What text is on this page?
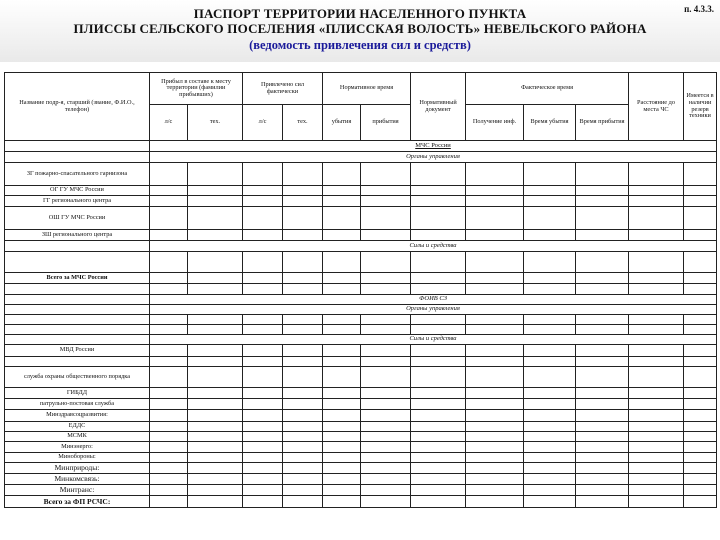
ПАСПОРТ ТЕРРИТОРИИ НАСЕЛЕННОГО ПУНКТА
ПЛИССЫ СЕЛЬСКОГО ПОСЕЛЕНИЯ «ПЛИССКАЯ ВОЛОСТЬ» НЕВЕЛЬСКОГО РАЙОНА
(ведомость привлечения сил и средств)
п. 4.3.3.
Название подр-я, старший (звание, Ф.И.О., телефон)	Прибыл в составе к месту территории (фамилии прибывших)		Привлечено сил фактически		Нормативное время		Нормативный документ	Фактическое время			Расстояние до места ЧС	Имеется в наличии резерв техники
	л/с	тех.	л/с	тех.	убытия	прибытия		Получение инф.	Время убытия	Время прибытия		
	МЧС России											
	Органы управления											
ЗГ пожарно-спасательного гарнизона												
ОГ ГУ МЧС России												
ГГ регионального центра												
ОШ ГУ МЧС России												
ЗШ регионального центра												
	Силы и средства											

Всего за МЧС России												

	ФОИВ СЗ											
	Органы управления											

	Силы и средства											
МВД России												

служба охраны общественного порядка												
ГИБДД												
патрульно-постовая служба												
Минздравсоцразвития:												
ЕДДС												
МСМК												
Минэнерго:												
Минобороны:												
Минприроды:												
Минкомсвязь:												
Минтранс:												
Всего за ФП РСЧС:												
